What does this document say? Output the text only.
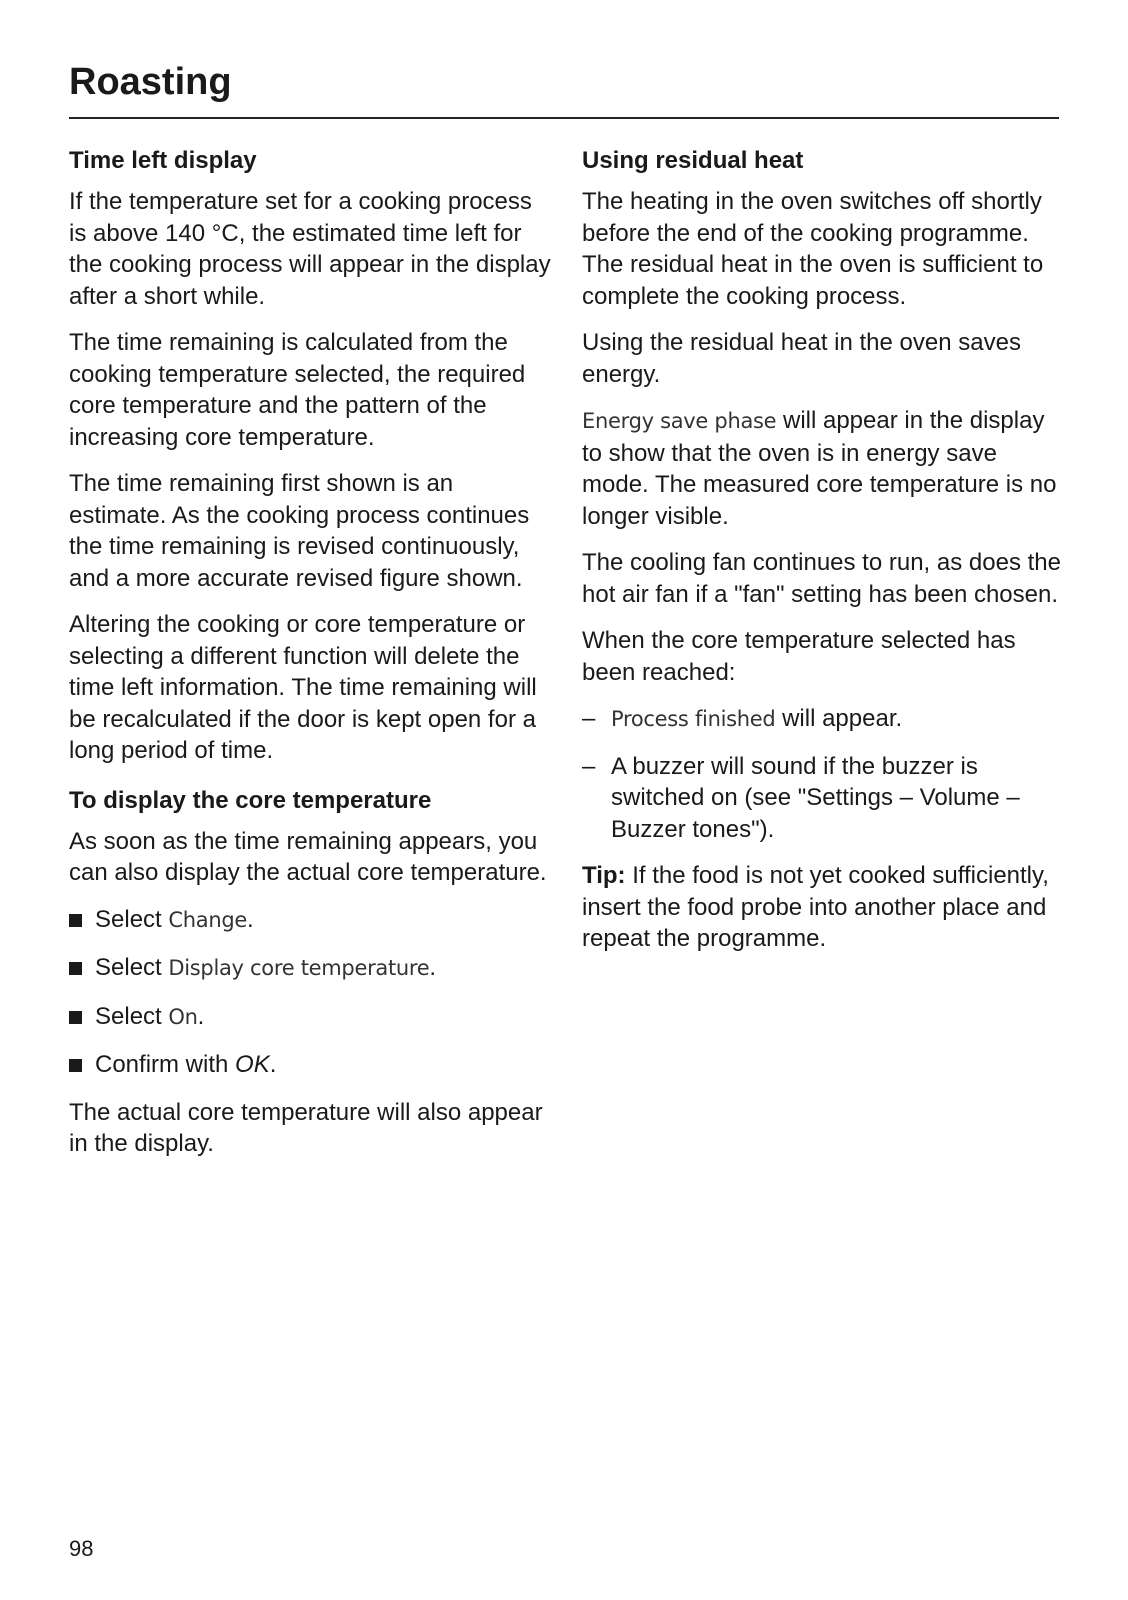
Roasting
Time left display

If the temperature set for a cooking process is above 140 °C, the estimated time left for the cooking process will appear in the display after a short while.

The time remaining is calculated from the cooking temperature selected, the required core temperature and the pattern of the increasing core temperature.

The time remaining first shown is an estimate. As the cooking process continues the time remaining is revised continuously, and a more accurate revised figure shown.

Altering the cooking or core temperature or selecting a different function will delete the time left information. The time remaining will be recalculated if the door is kept open for a long period of time.

To display the core temperature

As soon as the time remaining appears, you can also display the actual core temperature.

Select Change.
Select Display core temperature.
Select On.
Confirm with OK.

The actual core temperature will also appear in the display.

Using residual heat

The heating in the oven switches off shortly before the end of the cooking programme. The residual heat in the oven is sufficient to complete the cooking process.

Using the residual heat in the oven saves energy.

Energy save phase will appear in the display to show that the oven is in energy save mode. The measured core temperature is no longer visible.

The cooling fan continues to run, as does the hot air fan if a "fan" setting has been chosen.

When the core temperature selected has been reached:

– Process finished will appear.
– A buzzer will sound if the buzzer is switched on (see "Settings – Volume – Buzzer tones").

Tip: If the food is not yet cooked sufficiently, insert the food probe into another place and repeat the programme.

98
